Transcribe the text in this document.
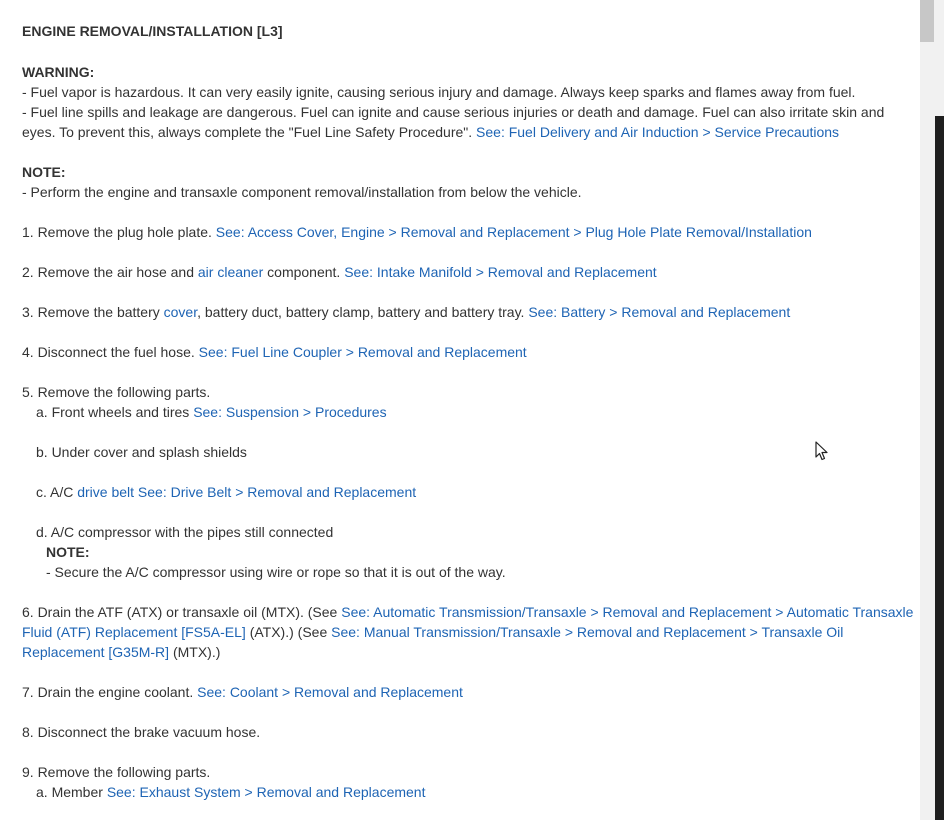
ENGINE REMOVAL/INSTALLATION [L3]
WARNING:
- Fuel vapor is hazardous. It can very easily ignite, causing serious injury and damage. Always keep sparks and flames away from fuel.
- Fuel line spills and leakage are dangerous. Fuel can ignite and cause serious injuries or death and damage. Fuel can also irritate skin and eyes. To prevent this, always complete the "Fuel Line Safety Procedure". See: Fuel Delivery and Air Induction > Service Precautions
NOTE:
- Perform the engine and transaxle component removal/installation from below the vehicle.
1. Remove the plug hole plate. See: Access Cover, Engine > Removal and Replacement > Plug Hole Plate Removal/Installation
2. Remove the air hose and air cleaner component. See: Intake Manifold > Removal and Replacement
3. Remove the battery cover, battery duct, battery clamp, battery and battery tray. See: Battery > Removal and Replacement
4. Disconnect the fuel hose. See: Fuel Line Coupler > Removal and Replacement
5. Remove the following parts.
a. Front wheels and tires See: Suspension > Procedures
b. Under cover and splash shields
c. A/C drive belt See: Drive Belt > Removal and Replacement
d. A/C compressor with the pipes still connected
NOTE:
- Secure the A/C compressor using wire or rope so that it is out of the way.
6. Drain the ATF (ATX) or transaxle oil (MTX). (See See: Automatic Transmission/Transaxle > Removal and Replacement > Automatic Transaxle Fluid (ATF) Replacement [FS5A-EL] (ATX).) (See See: Manual Transmission/Transaxle > Removal and Replacement > Transaxle Oil Replacement [G35M-R] (MTX).)
7. Drain the engine coolant. See: Coolant > Removal and Replacement
8. Disconnect the brake vacuum hose.
9. Remove the following parts.
a. Member See: Exhaust System > Removal and Replacement
